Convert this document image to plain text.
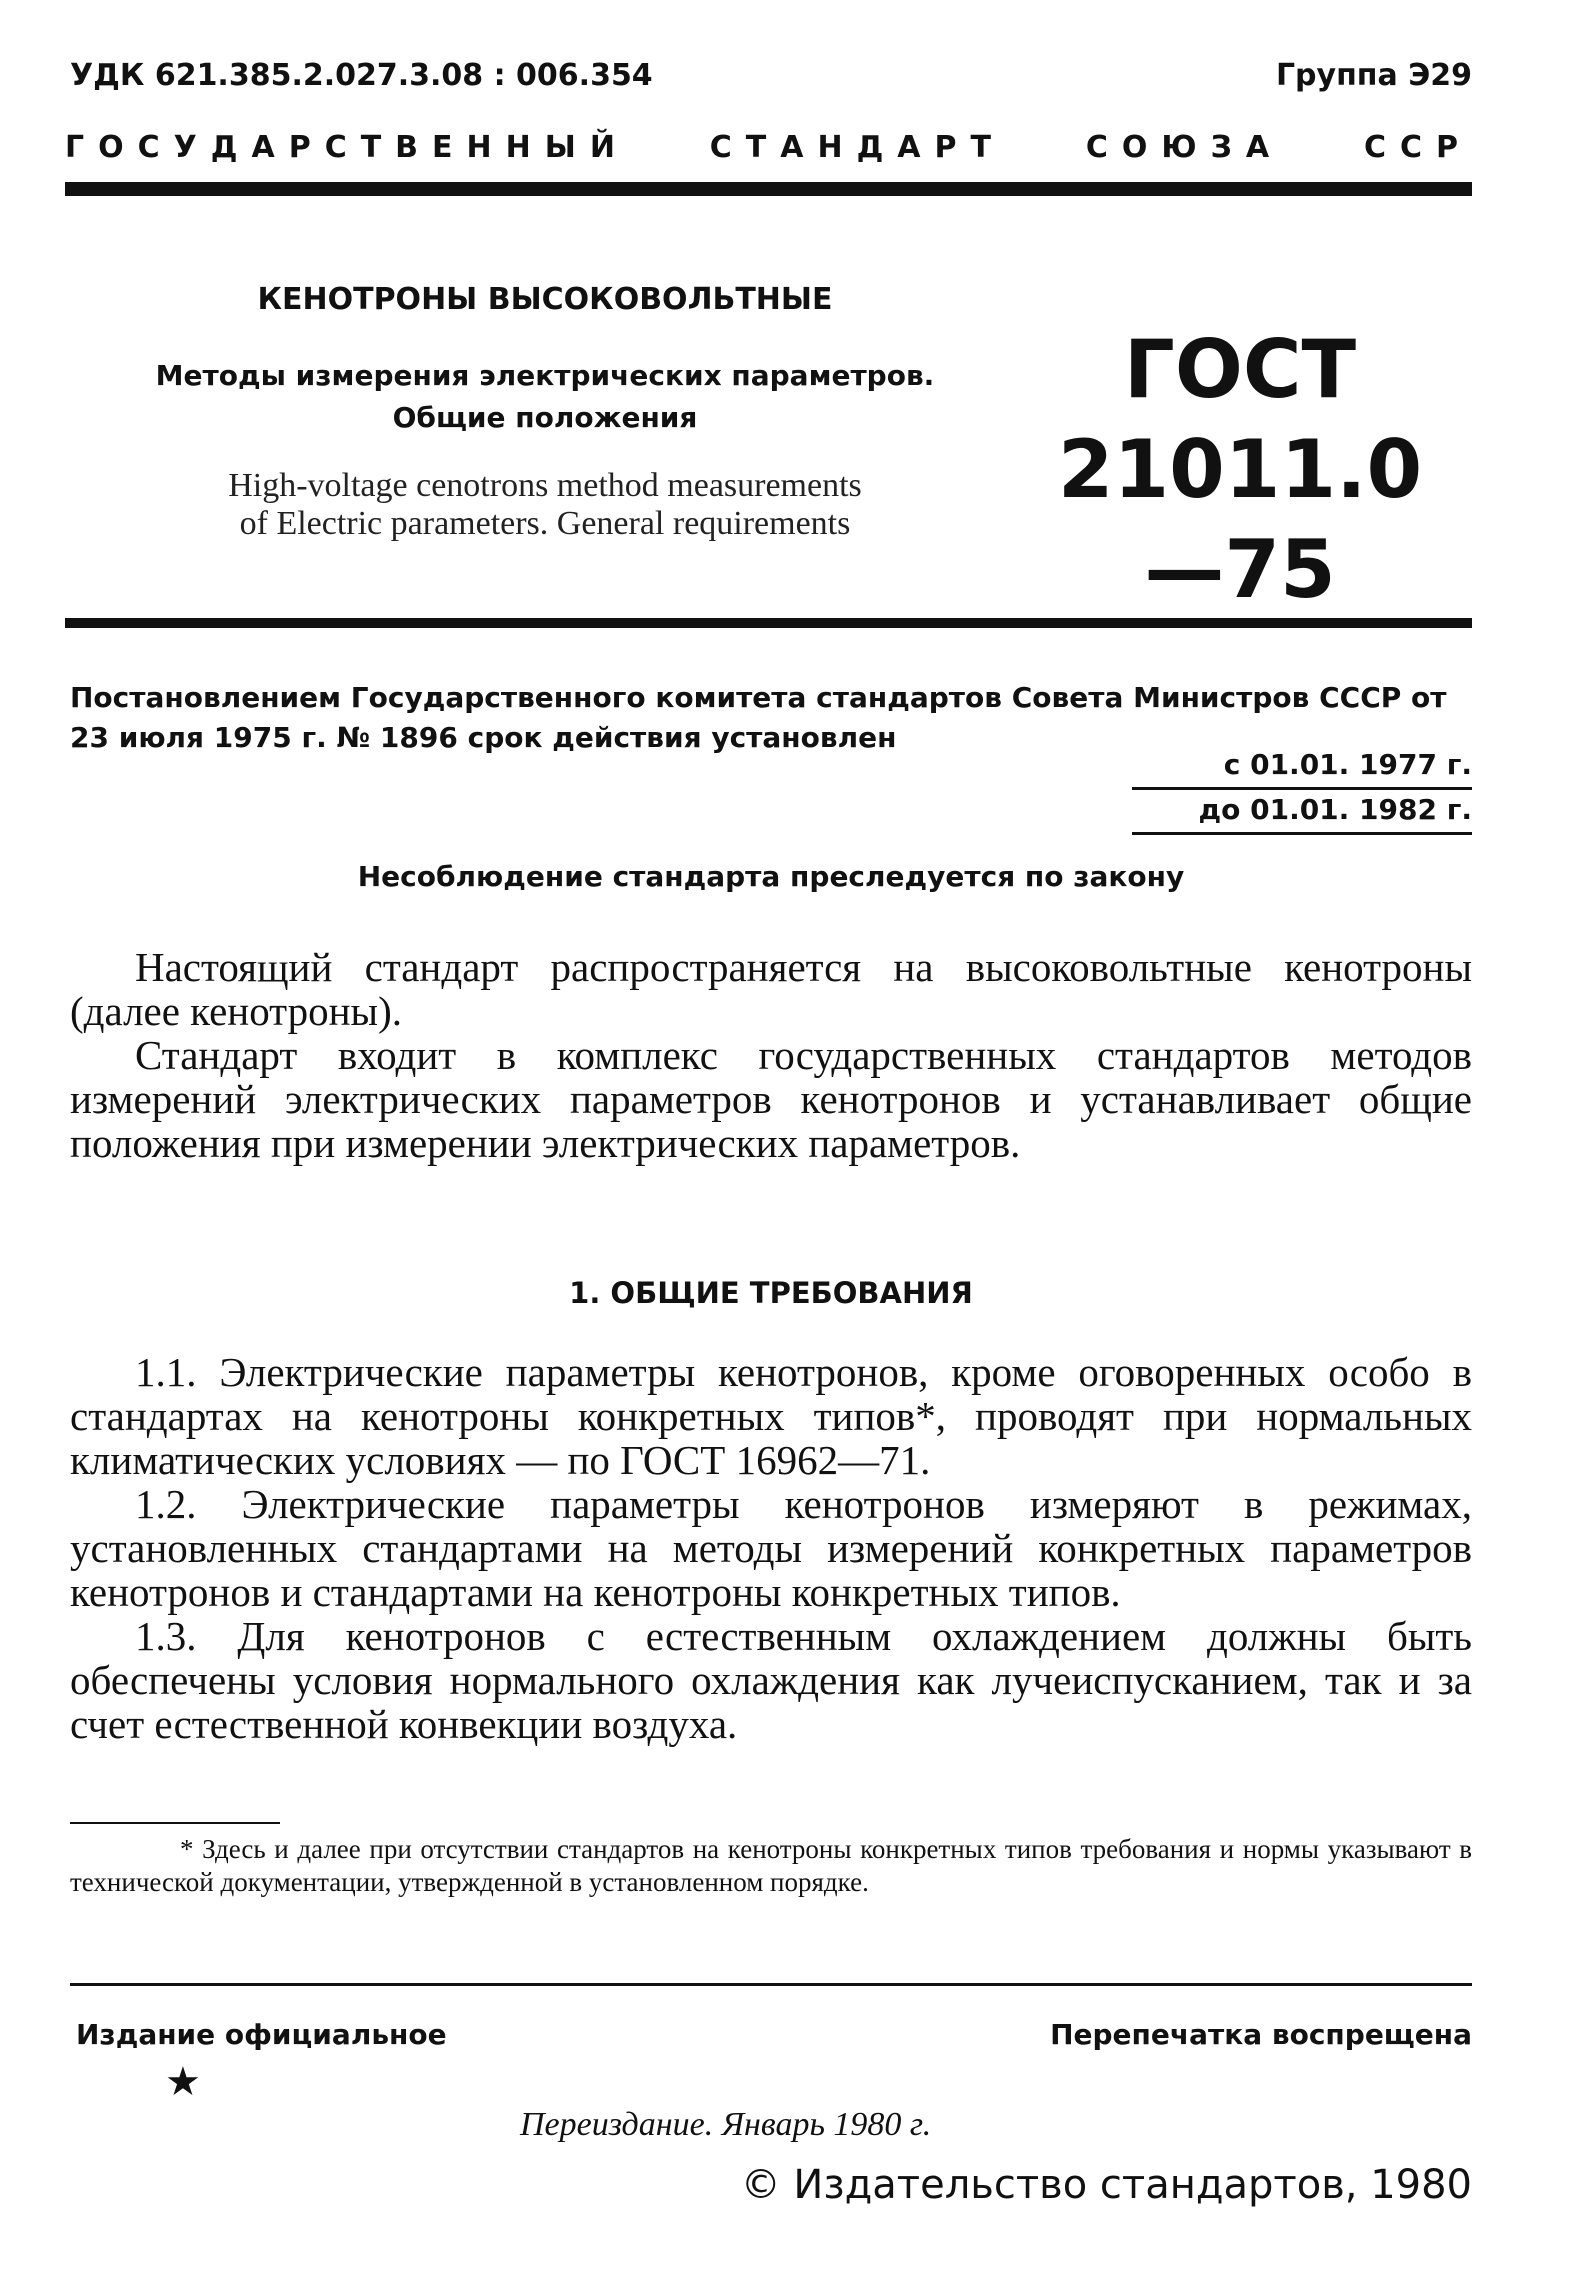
УДК 621.385.2.027.3.08 : 006.354	Группа Э29
ГОСУДАРСТВЕННЫЙ	СТАНДАРТ	СОЮЗА	ССР
КЕНОТРОНЫ ВЫСОКОВОЛЬТНЫЕ
Методы измерения электрических параметров.
Общие положения
High-voltage cenotrons method measurements
of Electric parameters. General requirements
ГОСТ
21011.0—75
Постановлением Государственного комитета стандартов Совета Министров СССР от 23 июля 1975 г. № 1896 срок действия установлен
с 01.01. 1977 г.
до 01.01. 1982 г.
Несоблюдение стандарта преследуется по закону

Настоящий стандарт распространяется на высоковольтные кенотроны (далее кенотроны).

Стандарт входит в комплекс государственных стандартов методов измерений электрических параметров кенотронов и устанавливает общие положения при измерении электрических параметров.

1. ОБЩИЕ ТРЕБОВАНИЯ

1.1. Электрические параметры кенотронов, кроме оговоренных особо в стандартах на кенотроны конкретных типов*, проводят при нормальных климатических условиях — по ГОСТ 16962—71.

1.2. Электрические параметры кенотронов измеряют в режимах, установленных стандартами на методы измерений конкретных параметров кенотронов и стандартами на кенотроны конкретных типов.

1.3. Для кенотронов с естественным охлаждением должны быть обеспечены условия нормального охлаждения как лучеиспусканием, так и за счет естественной конвекции воздуха.

* Здесь и далее при отсутствии стандартов на кенотроны конкретных типов требования и нормы указывают в технической документации, утвержденной в установленном порядке.

Издание официальное
★
Перепечатка воспрещена
Переиздание. Январь 1980 г.
© Издательство стандартов, 1980
